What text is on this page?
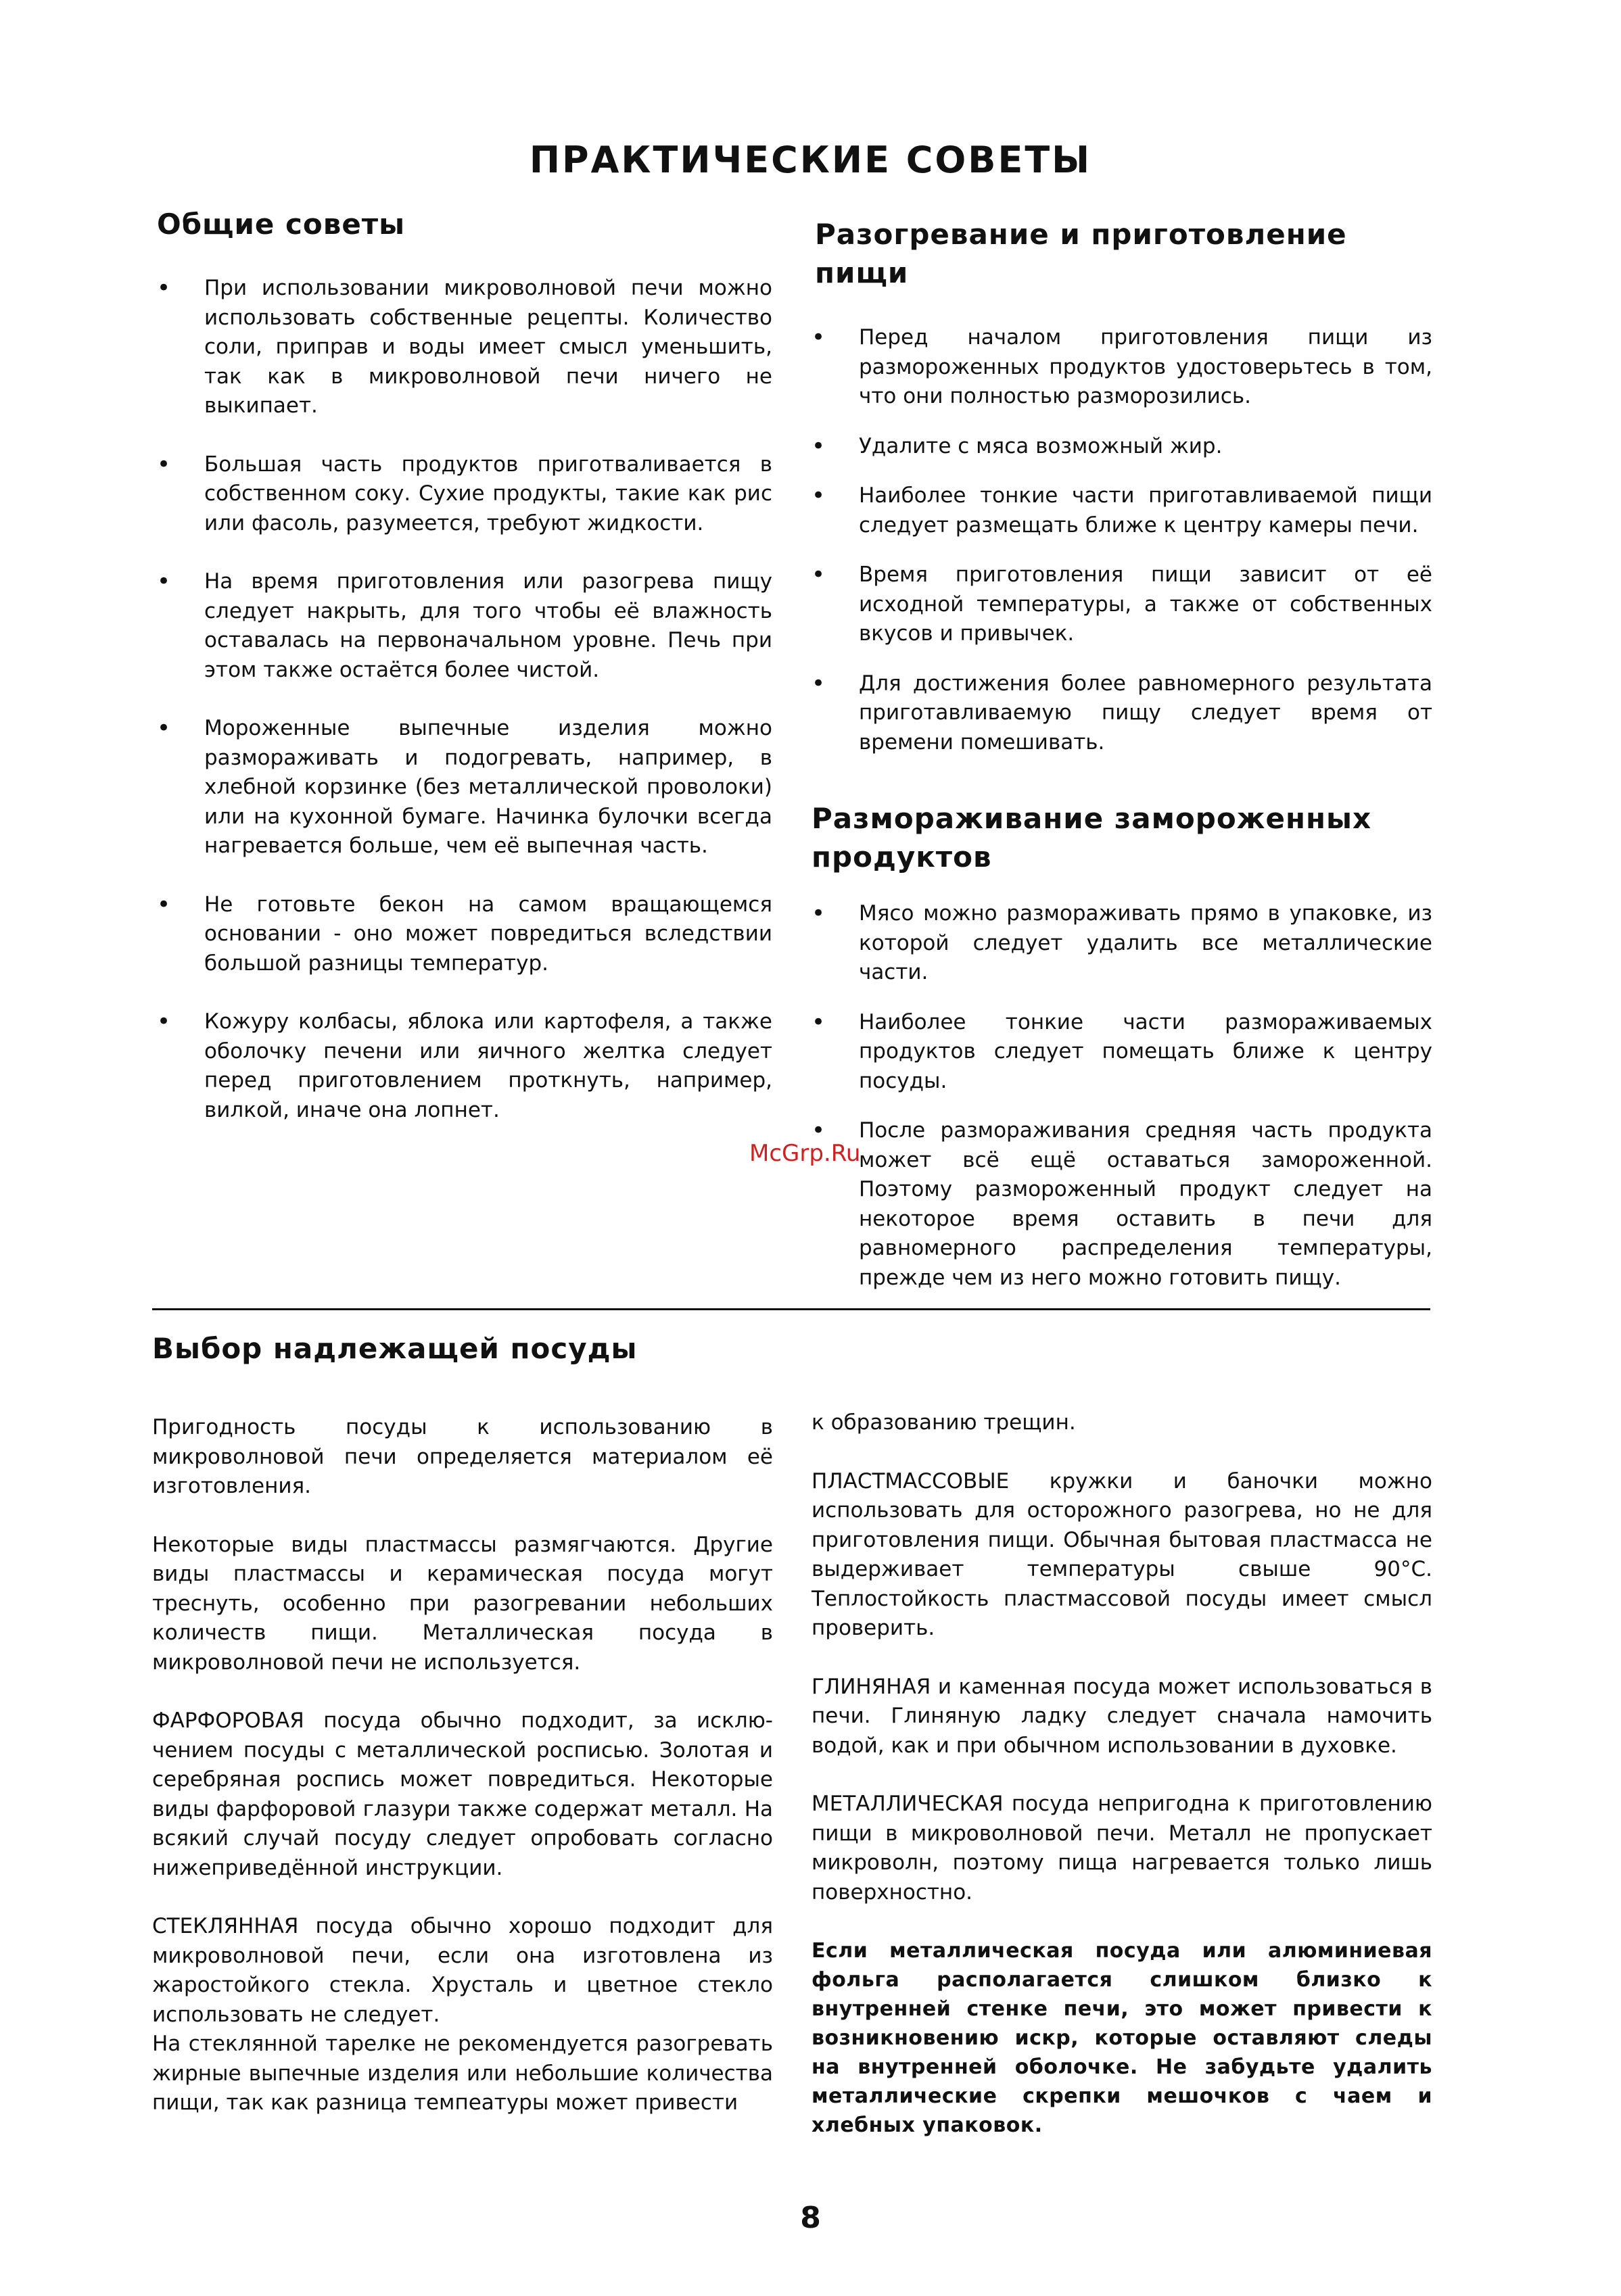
ПРАКТИЧЕСКИЕ СОВЕТЫ
Общие советы
• При использовании микроволновой печи можно использовать собственные рецепты. Количество соли, приправ и воды имеет смысл уменьшить, так как в микроволновой печи ничего не выкипает.
• Большая часть продуктов приготваливается в собственном соку. Сухие продукты, такие как рис или фасоль, разумеется, требуют жидкости.
• На время приготовления или разогрева пищу следует накрыть, для того чтобы её влажность оставалась на первоначальном уровне. Печь при этом также остаётся более чистой.
• Мороженные выпечные изделия можно размораживать и подогревать, например, в хлебной корзинке (без металлической проволоки) или на кухонной бумаге. Начинка булочки всегда нагревается больше, чем её выпечная часть.
• Не готовьте бекон на самом вращающемся основании - оно может повредиться вследствии большой разницы температур.
• Кожуру колбасы, яблока или картофеля, а также оболочку печени или яичного желтка следует перед приготовлением проткнуть, например, вилкой, иначе она лопнет.
Разогревание и приготовление пищи
• Перед началом приготовления пищи из размороженных продуктов удостоверьтесь в том, что они полностью разморозились.
• Удалите с мяса возможный жир.
• Наиболее тонкие части приготавливаемой пищи следует размещать ближе к центру камеры печи.
• Время приготовления пищи зависит от её исходной температуры, а также от собственных вкусов и привычек.
• Для достижения более равномерного результата приготавливаемую пищу следует время от времени помешивать.
Размораживание замороженных продуктов
• Мясо можно размораживать прямо в упаковке, из которой следует удалить все металлические части.
• Наиболее тонкие части размораживаемых продуктов следует помещать ближе к центру посуды.
• После размораживания средняя часть продукта может всё ещё оставаться замороженной. Поэтому размороженный продукт следует на некоторое время оставить в печи для равномерного распределения температуры, прежде чем из него можно готовить пищу.
McGrp.Ru
Выбор надлежащей посуды

Пригодность посуды к использованию в микроволновой печи определяется материалом её изготовления.

Некоторые виды пластмассы размягчаются. Другие виды пластмассы и керамическая посуда могут треснуть, особенно при разогревании небольших количеств пищи. Металлическая посуда в микроволновой печи не используется.

ФАРФОРОВАЯ посуда обычно подходит, за исклю-чением посуды с металлической росписью. Золотая и серебряная роспись может повредиться. Некоторые виды фарфоровой глазури также содержат металл. На всякий случай посуду следует опробовать согласно нижеприведённой инструкции.

СТЕКЛЯННАЯ посуда обычно хорошо подходит для микроволновой печи, если она изготовлена из жаростойкого стекла. Хрусталь и цветное стекло использовать не следует.

На стеклянной тарелке не рекомендуется разогревать жирные выпечные изделия или небольшие количества пищи, так как разница темпеатуры может привести

к образованию трещин.

ПЛАСТМАССОВЫЕ кружки и баночки можно использовать для осторожного разогрева, но не для приготовления пищи. Обычная бытовая пластмасса не выдерживает температуры свыше 90°C. Теплостойкость пластмассовой посуды имеет смысл проверить.

ГЛИНЯНАЯ и каменная посуда может использоваться в печи. Глиняную ладку следует сначала намочить водой, как и при обычном использовании в духовке.

МЕТАЛЛИЧЕСКАЯ посуда непригодна к приготовлению пищи в микроволновой печи. Металл не пропускает микроволн, поэтому пища нагревается только лишь поверхностно.

Если металлическая посуда или алюминиевая фольга располагается слишком близко к внутренней стенке печи, это может привести к возникновению искр, которые оставляют следы на внутренней оболочке. Не забудьте удалить металлические скрепки мешочков с чаем и хлебных упаковок.

8
